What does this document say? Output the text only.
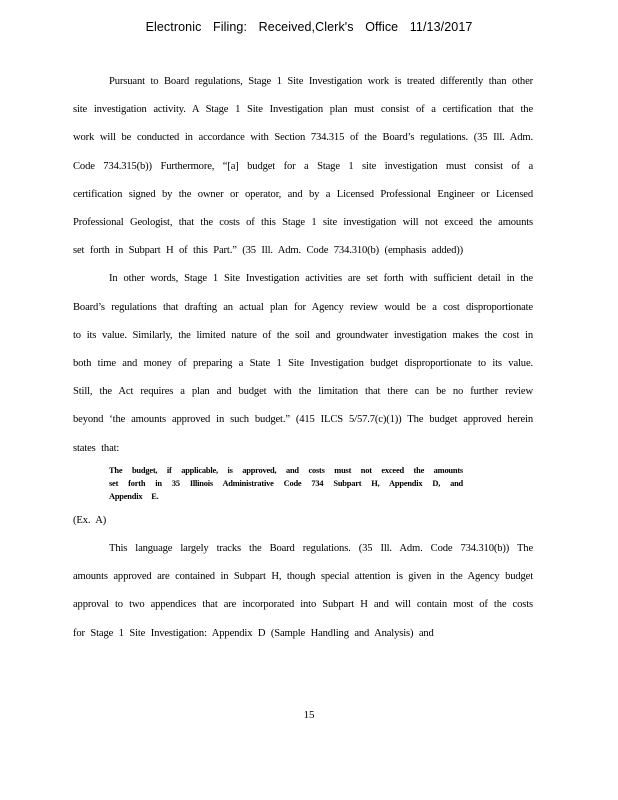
Electronic Filing: Received,Clerk's Office 11/13/2017

Pursuant to Board regulations, Stage 1 Site Investigation work is treated differently than other site investigation activity. A Stage 1 Site Investigation plan must consist of a certification that the work will be conducted in accordance with Section 734.315 of the Board’s regulations. (35 Ill. Adm. Code 734.315(b)) Furthermore, “[a] budget for a Stage 1 site investigation must consist of a certification signed by the owner or operator, and by a Licensed Professional Engineer or Licensed Professional Geologist, that the costs of this Stage 1 site investigation will not exceed the amounts set forth in Subpart H of this Part.” (35 Ill. Adm. Code 734.310(b) (emphasis added))

In other words, Stage 1 Site Investigation activities are set forth with sufficient detail in the Board’s regulations that drafting an actual plan for Agency review would be a cost disproportionate to its value. Similarly, the limited nature of the soil and groundwater investigation makes the cost in both time and money of preparing a State 1 Site Investigation budget disproportionate to its value. Still, the Act requires a plan and budget with the limitation that there can be no further review beyond ‘the amounts approved in such budget.” (415 ILCS 5/57.7(c)(1)) The budget approved herein states that:

The budget, if applicable, is approved, and costs must not exceed the amounts set forth in 35 Illinois Administrative Code 734 Subpart H, Appendix D, and Appendix E.

(Ex. A)

This language largely tracks the Board regulations. (35 Ill. Adm. Code 734.310(b)) The amounts approved are contained in Subpart H, though special attention is given in the Agency budget approval to two appendices that are incorporated into Subpart H and will contain most of the costs for Stage 1 Site Investigation: Appendix D (Sample Handling and Analysis) and

15
